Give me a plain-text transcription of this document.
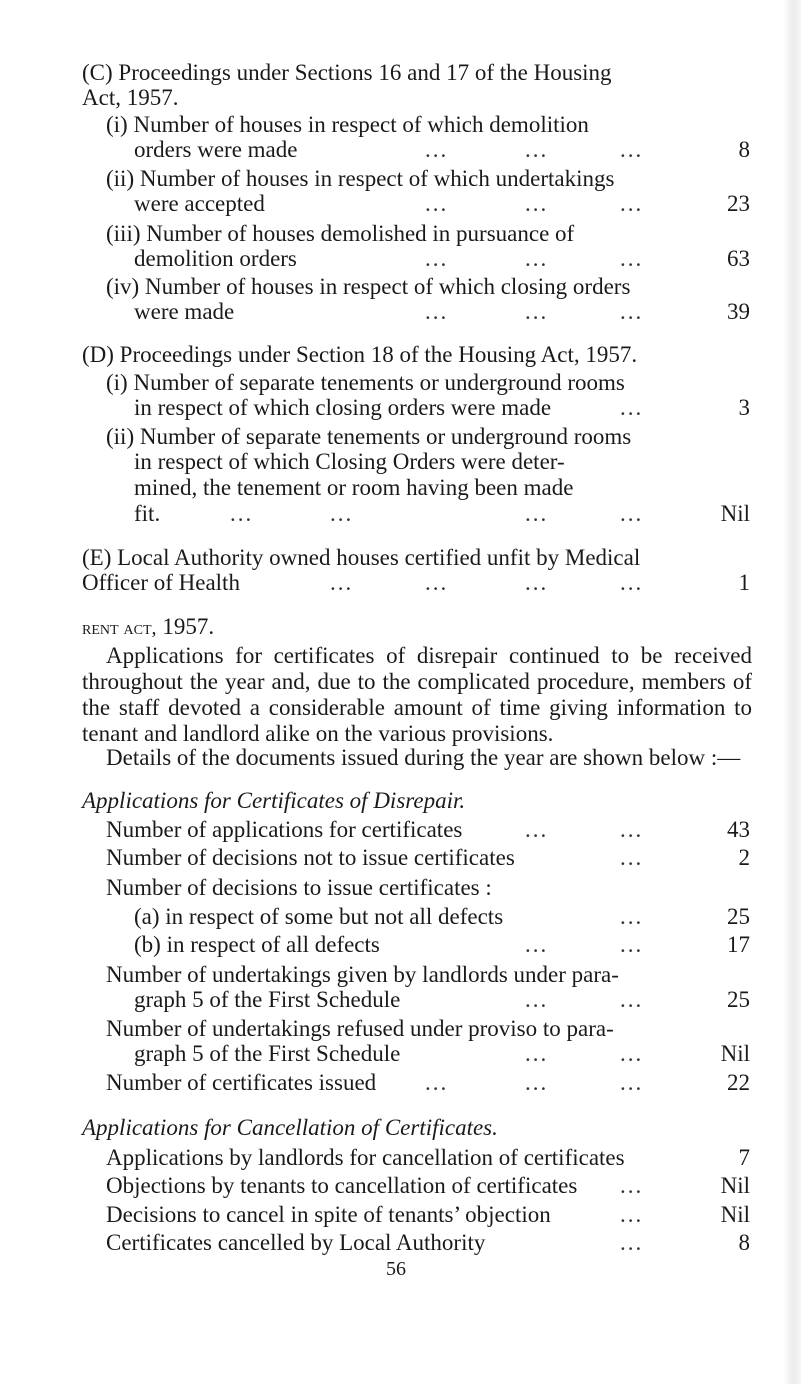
(C) Proceedings under Sections 16 and 17 of the Housing
Act, 1957.
(i) Number of houses in respect of which demolition
orders were made	...	...	...	8
(ii) Number of houses in respect of which undertakings
were accepted	...	...	...	23
(iii) Number of houses demolished in pursuance of
demolition orders	...	...	...	63
(iv) Number of houses in respect of which closing orders
were made	...	...	...	39
(D) Proceedings under Section 18 of the Housing Act, 1957.
(i) Number of separate tenements or underground rooms
in respect of which closing orders were made	...	3
(ii) Number of separate tenements or underground rooms
in respect of which Closing Orders were deter-
mined, the tenement or room having been made
fit.	...	...	...	...	Nil
(E) Local Authority owned houses certified unfit by Medical
Officer of Health	...	...	...	...	1
rent act, 1957.
Applications for certificates of disrepair continued to be received throughout the year and, due to the complicated procedure, members of the staff devoted a considerable amount of time giving information to tenant and landlord alike on the various provisions.
Details of the documents issued during the year are shown below :—
Applications for Certificates of Disrepair.
Number of applications for certificates	...	...	43
Number of decisions not to issue certificates	...	2
Number of decisions to issue certificates :
(a) in respect of some but not all defects	...	25
(b) in respect of all defects	...	...	17
Number of undertakings given by landlords under para-
graph 5 of the First Schedule	...	...	25
Number of undertakings refused under proviso to para-
graph 5 of the First Schedule	...	...	Nil
Number of certificates issued ...	...	...	22
Applications for Cancellation of Certificates.
Applications by landlords for cancellation of certificates	7
Objections by tenants to cancellation of certificates ...	Nil
Decisions to cancel in spite of tenants’ objection	...	Nil
Certificates cancelled by Local Authority	...	8
56
